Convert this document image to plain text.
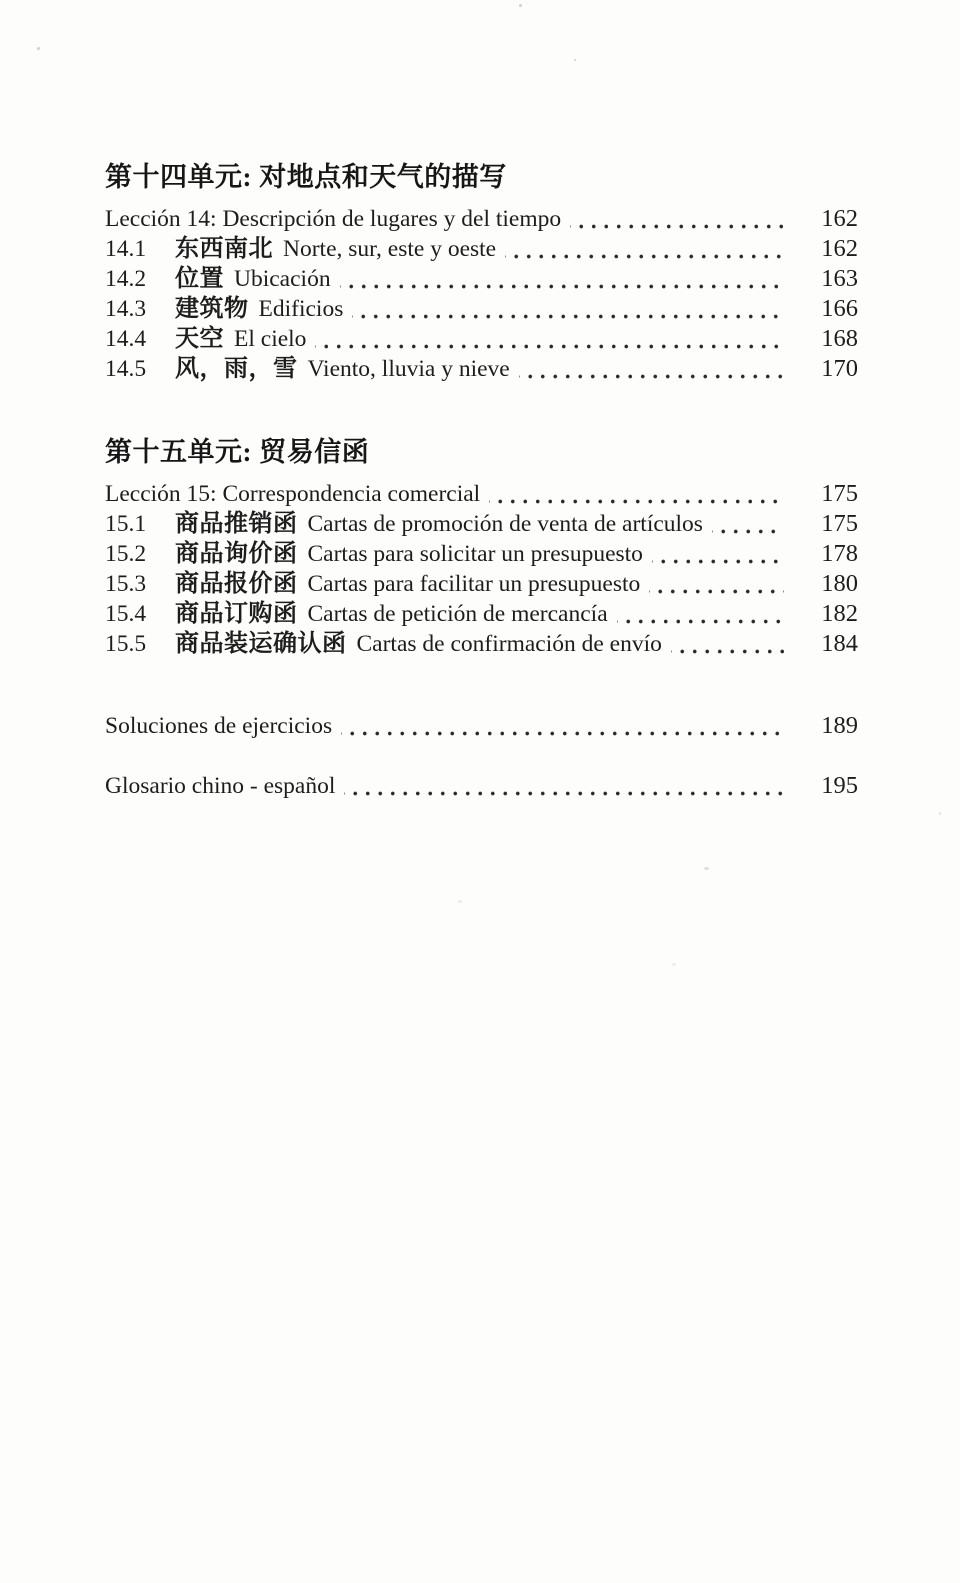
第十四单元: 对地点和天气的描写
Lección 14: Descripción de lugares y del tiempo	162
14.1	东西南北 Norte, sur, este y oeste	162
14.2	位置 Ubicación	163
14.3	建筑物 Edificios	166
14.4	天空 El cielo	168
14.5	风，雨，雪 Viento, lluvia y nieve	170
第十五单元: 贸易信函
Lección 15: Correspondencia comercial	175
15.1	商品推销函 Cartas de promoción de venta de artículos	175
15.2	商品询价函 Cartas para solicitar un presupuesto	178
15.3	商品报价函 Cartas para facilitar un presupuesto	180
15.4	商品订购函 Cartas de petición de mercancía	182
15.5	商品装运确认函 Cartas de confirmación de envío	184
Soluciones de ejercicios	189
Glosario chino - español	195
